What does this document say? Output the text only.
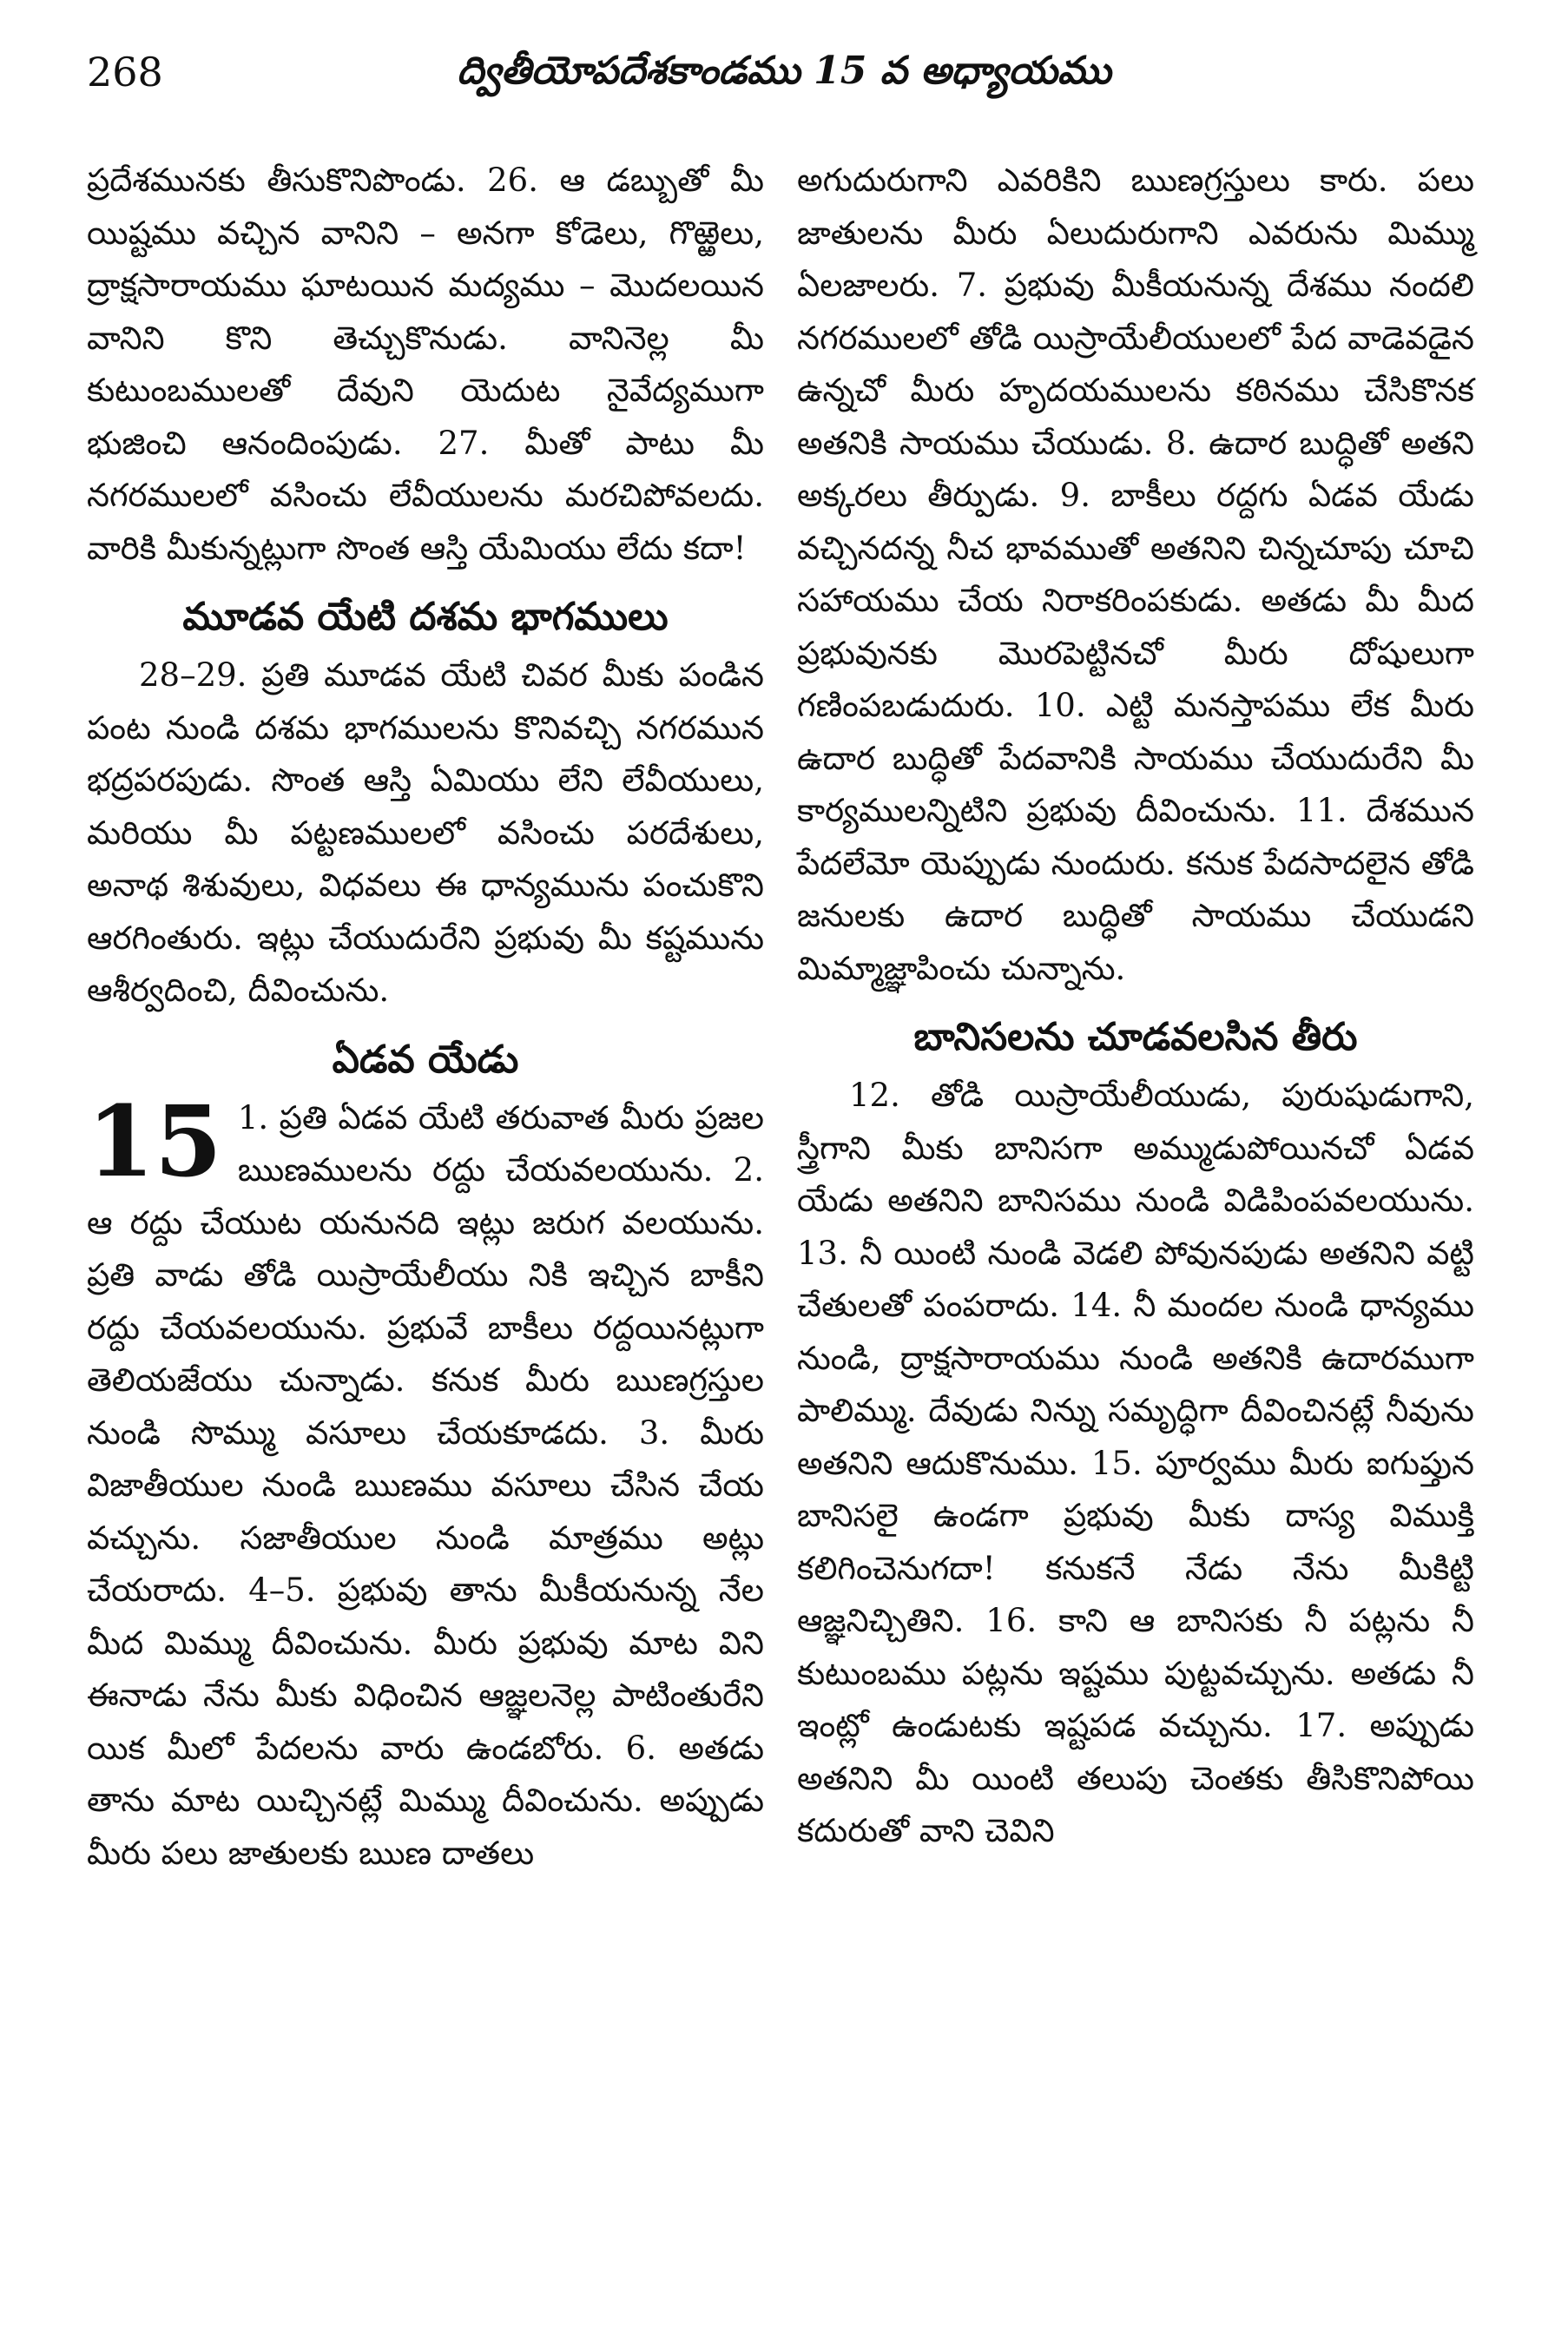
268	ద్వితీయోపదేశకాండము 15 వ అధ్యాయము

ప్రదేశమునకు తీసుకొనిపొండు. 26. ఆ డబ్బుతో మీ యిష్టము వచ్చిన వానిని – అనగా కోడెలు, గొఱ్ఱెలు, ద్రాక్షసారాయము ఘాటయిన మద్యము – మొదలయిన వానిని కొని తెచ్చుకొనుడు. వానినెల్ల మీ కుటుంబములతో దేవుని యెదుట నైవేద్యముగా భుజించి ఆనందింపుడు. 27. మీతో పాటు మీ నగరములలో వసించు లేవీయులను మరచిపోవలదు. వారికి మీకున్నట్లుగా సొంత ఆస్తి యేమియు లేదు కదా!

మూడవ యేటి దశమ భాగములు

28–29. ప్రతి మూడవ యేటి చివర మీకు పండిన పంట నుండి దశమ భాగములను కొనివచ్చి నగరమున భద్రపరపుడు. సొంత ఆస్తి ఏమియు లేని లేవీయులు, మరియు మీ పట్టణములలో వసించు పరదేశులు, అనాథ శిశువులు, విధవలు ఈ ధాన్యమును పంచుకొని ఆరగింతురు. ఇట్లు చేయుదురేని ప్రభువు మీ కష్టమును ఆశీర్వదించి, దీవించును.

ఏడవ యేడు

15 1. ప్రతి ఏడవ యేటి తరువాత మీరు ప్రజల ఋణములను రద్దు చేయవలయును. 2. ఆ రద్దు చేయుట యనునది ఇట్లు జరుగ వలయును. ప్రతి వాడు తోడి యిస్రాయేలీయు నికి ఇచ్చిన బాకీని రద్దు చేయవలయును. ప్రభువే బాకీలు రద్దయినట్లుగా తెలియజేయు చున్నాడు. కనుక మీరు ఋణగ్రస్తుల నుండి సొమ్ము వసూలు చేయకూడదు. 3. మీరు విజాతీయుల నుండి ఋణము వసూలు చేసిన చేయ వచ్చును. సజాతీయుల నుండి మాత్రము అట్లు చేయరాదు. 4–5. ప్రభువు తాను మీకీయనున్న నేల మీద మిమ్ము దీవించును. మీరు ప్రభువు మాట విని ఈనాడు నేను మీకు విధించిన ఆజ్ఞలనెల్ల పాటింతురేని యిక మీలో పేదలను వారు ఉండబోరు. 6. అతడు తాను మాట యిచ్చినట్లే మిమ్ము దీవించును. అప్పుడు మీరు పలు జాతులకు ఋణ దాతలు

అగుదురుగాని ఎవరికిని ఋణగ్రస్తులు కారు. పలు జాతులను మీరు ఏలుదురుగాని ఎవరును మిమ్ము ఏలజాలరు. 7. ప్రభువు మీకీయనున్న దేశము నందలి నగరములలో తోడి యిస్రాయేలీయులలో పేద వాడెవడైన ఉన్నచో మీరు హృదయములను కఠినము చేసికొనక అతనికి సాయము చేయుడు. 8. ఉదార బుద్ధితో అతని అక్కరలు తీర్పుడు. 9. బాకీలు రద్దగు ఏడవ యేడు వచ్చినదన్న నీచ భావముతో అతనిని చిన్నచూపు చూచి సహాయము చేయ నిరాకరింపకుడు. అతడు మీ మీద ప్రభువునకు మొరపెట్టినచో మీరు దోషులుగా గణింపబడుదురు. 10. ఎట్టి మనస్తాపము లేక మీరు ఉదార బుద్ధితో పేదవానికి సాయము చేయుదురేని మీ కార్యములన్నిటిని ప్రభువు దీవించును. 11. దేశమున పేదలేమో యెప్పుడు నుందురు. కనుక పేదసాదలైన తోడి జనులకు ఉదార బుద్ధితో సాయము చేయుడని మిమ్మాజ్ఞాపించు చున్నాను.

బానిసలను చూడవలసిన తీరు

12. తోడి యిస్రాయేలీయుడు, పురుషుడుగాని, స్త్రీగాని మీకు బానిసగా అమ్ముడుపోయినచో ఏడవ యేడు అతనిని బానిసము నుండి విడిపింపవలయును. 13. నీ యింటి నుండి వెడలి పోవునపుడు అతనిని వట్టి చేతులతో పంపరాదు. 14. నీ మందల నుండి ధాన్యము నుండి, ద్రాక్షసారాయము నుండి అతనికి ఉదారముగా పాలిమ్ము. దేవుడు నిన్ను సమృద్ధిగా దీవించినట్లే నీవును అతనిని ఆదుకొనుము. 15. పూర్వము మీరు ఐగుప్తున బానిసలై ఉండగా ప్రభువు మీకు దాస్య విముక్తి కలిగించెనుగదా! కనుకనే నేడు నేను మీకిట్టి ఆజ్ఞనిచ్చితిని. 16. కాని ఆ బానిసకు నీ పట్లను నీ కుటుంబము పట్లను ఇష్టము పుట్టవచ్చును. అతడు నీ ఇంట్లో ఉండుటకు ఇష్టపడ వచ్చును. 17. అప్పుడు అతనిని మీ యింటి తలుపు చెంతకు తీసికొనిపోయి కదురుతో వాని చెవిని
